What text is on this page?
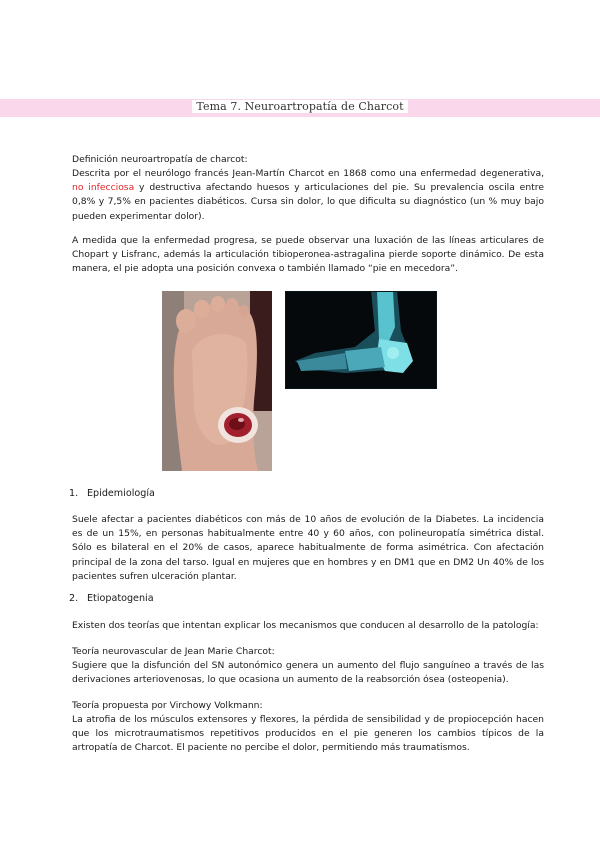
Tema 7. Neuroartropatía de Charcot

Definición neuroartropatía de charcot:

Descrita por el neurólogo francés Jean-Martín Charcot en 1868 como una enfermedad degenerativa, no infecciosa y destructiva afectando huesos y articulaciones del pie. Su prevalencia oscila entre 0,8% y 7,5% en pacientes diabéticos. Cursa sin dolor, lo que dificulta su diagnóstico (un % muy bajo pueden experimentar dolor).

A medida que la enfermedad progresa, se puede observar una luxación de las líneas articulares de Chopart y Lisfranc, además la articulación tibioperonea-astragalina pierde soporte dinámico. De esta manera, el pie adopta una posición convexa o también llamado “pie en mecedora”.

1. Epidemiología

Suele afectar a pacientes diabéticos con más de 10 años de evolución de la Diabetes. La incidencia es de un 15%, en personas habitualmente entre 40 y 60 años, con polineuropatía simétrica distal. Sólo es bilateral en el 20% de casos, aparece habitualmente de forma asimétrica. Con afectación principal de la zona del tarso. Igual en mujeres que en hombres y en DM1 que en DM2 Un 40% de los pacientes sufren ulceración plantar.

2. Etiopatogenia

Existen dos teorías que intentan explicar los mecanismos que conducen al desarrollo de la patología:

Teoría neurovascular de Jean Marie Charcot:

Sugiere que la disfunción del SN autonómico genera un aumento del flujo sanguíneo a través de las derivaciones arteriovenosas, lo que ocasiona un aumento de la reabsorción ósea (osteopenia).

Teoría propuesta por Virchowy Volkmann:

La atrofia de los músculos extensores y flexores, la pérdida de sensibilidad y de propiocepción hacen que los microtraumatismos repetitivos producidos en el pie generen los cambios típicos de la artropatía de Charcot. El paciente no percibe el dolor, permitiendo más traumatismos.
